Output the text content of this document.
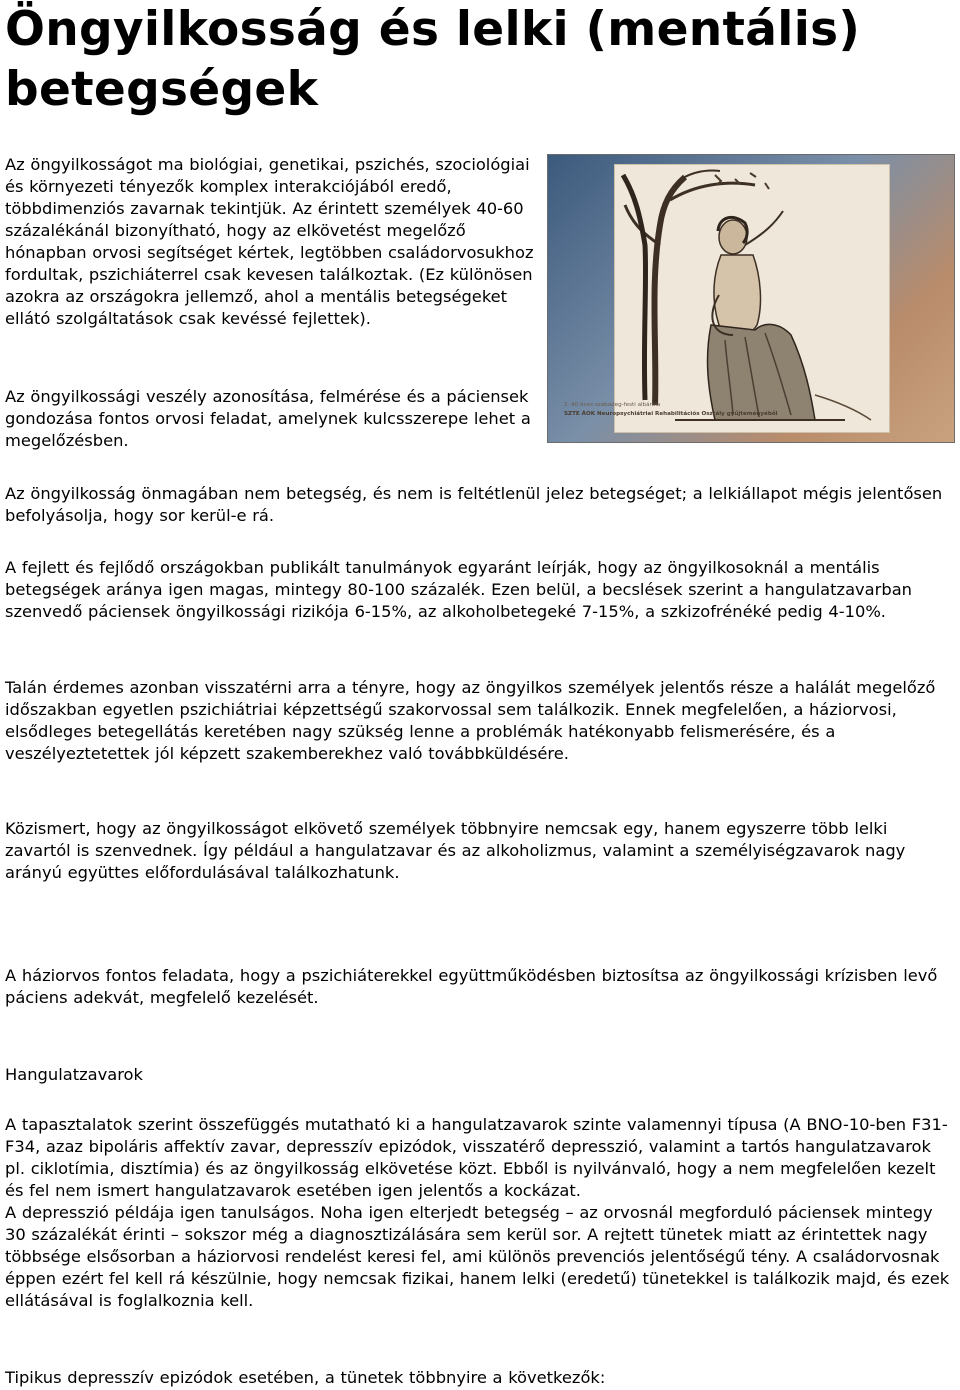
Öngyilkosság és lelki (mentális) betegségek
2. 40 éves szabadeg-festi albárbia
SZTE ÁOK Neuropsychiátriai Rehabilitációs Osztály gyűjteményéből

Az öngyilkosságot ma biológiai, genetikai, pszichés, szociológiai és környezeti tényezők komplex interakciójából eredő, többdimenziós zavarnak tekintjük. Az érintett személyek 40-60 százalékánál bizonyítható, hogy az elkövetést megelőző hónapban orvosi segítséget kértek, legtöbben családorvosukhoz fordultak, pszichiáterrel csak kevesen találkoztak. (Ez különösen azokra az országokra jellemző, ahol a mentális betegségeket ellátó szolgáltatások csak kevéssé fejlettek).

Az öngyilkossági veszély azonosítása, felmérése és a páciensek gondozása fontos orvosi feladat, amelynek kulcsszerepe lehet a megelőzésben.

Az öngyilkosság önmagában nem betegség, és nem is feltétlenül jelez betegséget; a lelkiállapot mégis jelentősen befolyásolja, hogy sor kerül-e rá.

A fejlett és fejlődő országokban publikált tanulmányok egyaránt leírják, hogy az öngyilkosoknál a mentális betegségek aránya igen magas, mintegy 80-100 százalék. Ezen belül, a becslések szerint a hangulatzavarban szenvedő páciensek öngyilkossági rizikója 6-15%, az alkoholbetegeké 7-15%, a szkizofrénéké pedig 4-10%.

Talán érdemes azonban visszatérni arra a tényre, hogy az öngyilkos személyek jelentős része a halálát megelőző időszakban egyetlen pszichiátriai képzettségű szakorvossal sem találkozik. Ennek megfelelően, a háziorvosi, elsődleges betegellátás keretében nagy szükség lenne a problémák hatékonyabb felismerésére, és a veszélyeztetettek jól képzett szakemberekhez való továbbküldésére.

Közismert, hogy az öngyilkosságot elkövető személyek többnyire nemcsak egy, hanem egyszerre több lelki zavartól is szenvednek. Így például a hangulatzavar és az alkoholizmus, valamint a személyiségzavarok nagy arányú együttes előfordulásával találkozhatunk.

A háziorvos fontos feladata, hogy a pszichiáterekkel együttműködésben biztosítsa az öngyilkossági krízisben levő páciens adekvát, megfelelő kezelését.

Hangulatzavarok

A tapasztalatok szerint összefüggés mutatható ki a hangulatzavarok szinte valamennyi típusa (A BNO-10-ben F31-F34, azaz bipoláris affektív zavar, depresszív epizódok, visszatérő depresszió, valamint a tartós hangulatzavarok pl. ciklotímia, disztímia) és az öngyilkosság elkövetése közt. Ebből is nyilvánvaló, hogy a nem megfelelően kezelt és fel nem ismert hangulatzavarok esetében igen jelentős a kockázat.

A depresszió példája igen tanulságos. Noha igen elterjedt betegség – az orvosnál megforduló páciensek mintegy 30 százalékát érinti – sokszor még a diagnosztizálására sem kerül sor. A rejtett tünetek miatt az érintettek nagy többsége elsősorban a háziorvosi rendelést keresi fel, ami különös prevenciós jelentőségű tény. A családorvosnak éppen ezért fel kell rá készülnie, hogy nemcsak fizikai, hanem lelki (eredetű) tünetekkel is találkozik majd, és ezek ellátásával is foglalkoznia kell.

Tipikus depresszív epizódok esetében, a tünetek többnyire a következők:
